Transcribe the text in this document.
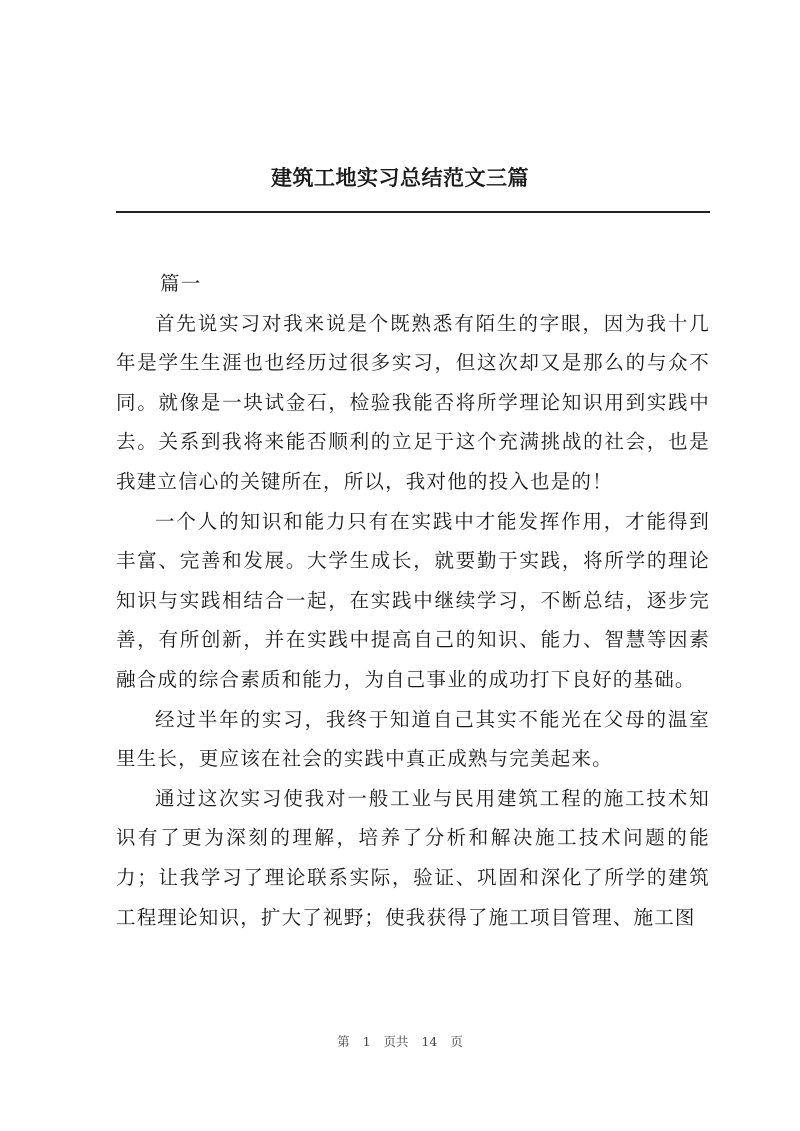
建筑工地实习总结范文三篇

篇一

首先说实习对我来说是个既熟悉有陌生的字眼，因为我十几年是学生生涯也也经历过很多实习，但这次却又是那么的与众不同。就像是一块试金石，检验我能否将所学理论知识用到实践中去。关系到我将来能否顺利的立足于这个充满挑战的社会，也是我建立信心的关键所在，所以，我对他的投入也是的！

一个人的知识和能力只有在实践中才能发挥作用，才能得到丰富、完善和发展。大学生成长，就要勤于实践，将所学的理论知识与实践相结合一起，在实践中继续学习，不断总结，逐步完善，有所创新，并在实践中提高自己的知识、能力、智慧等因素融合成的综合素质和能力，为自己事业的成功打下良好的基础。

经过半年的实习，我终于知道自己其实不能光在父母的温室里生长，更应该在社会的实践中真正成熟与完美起来。

通过这次实习使我对一般工业与民用建筑工程的施工技术知识有了更为深刻的理解，培养了分析和解决施工技术问题的能力；让我学习了理论联系实际，验证、巩固和深化了所学的建筑工程理论知识，扩大了视野；使我获得了施工项目管理、施工图

第 1 页共 14 页
